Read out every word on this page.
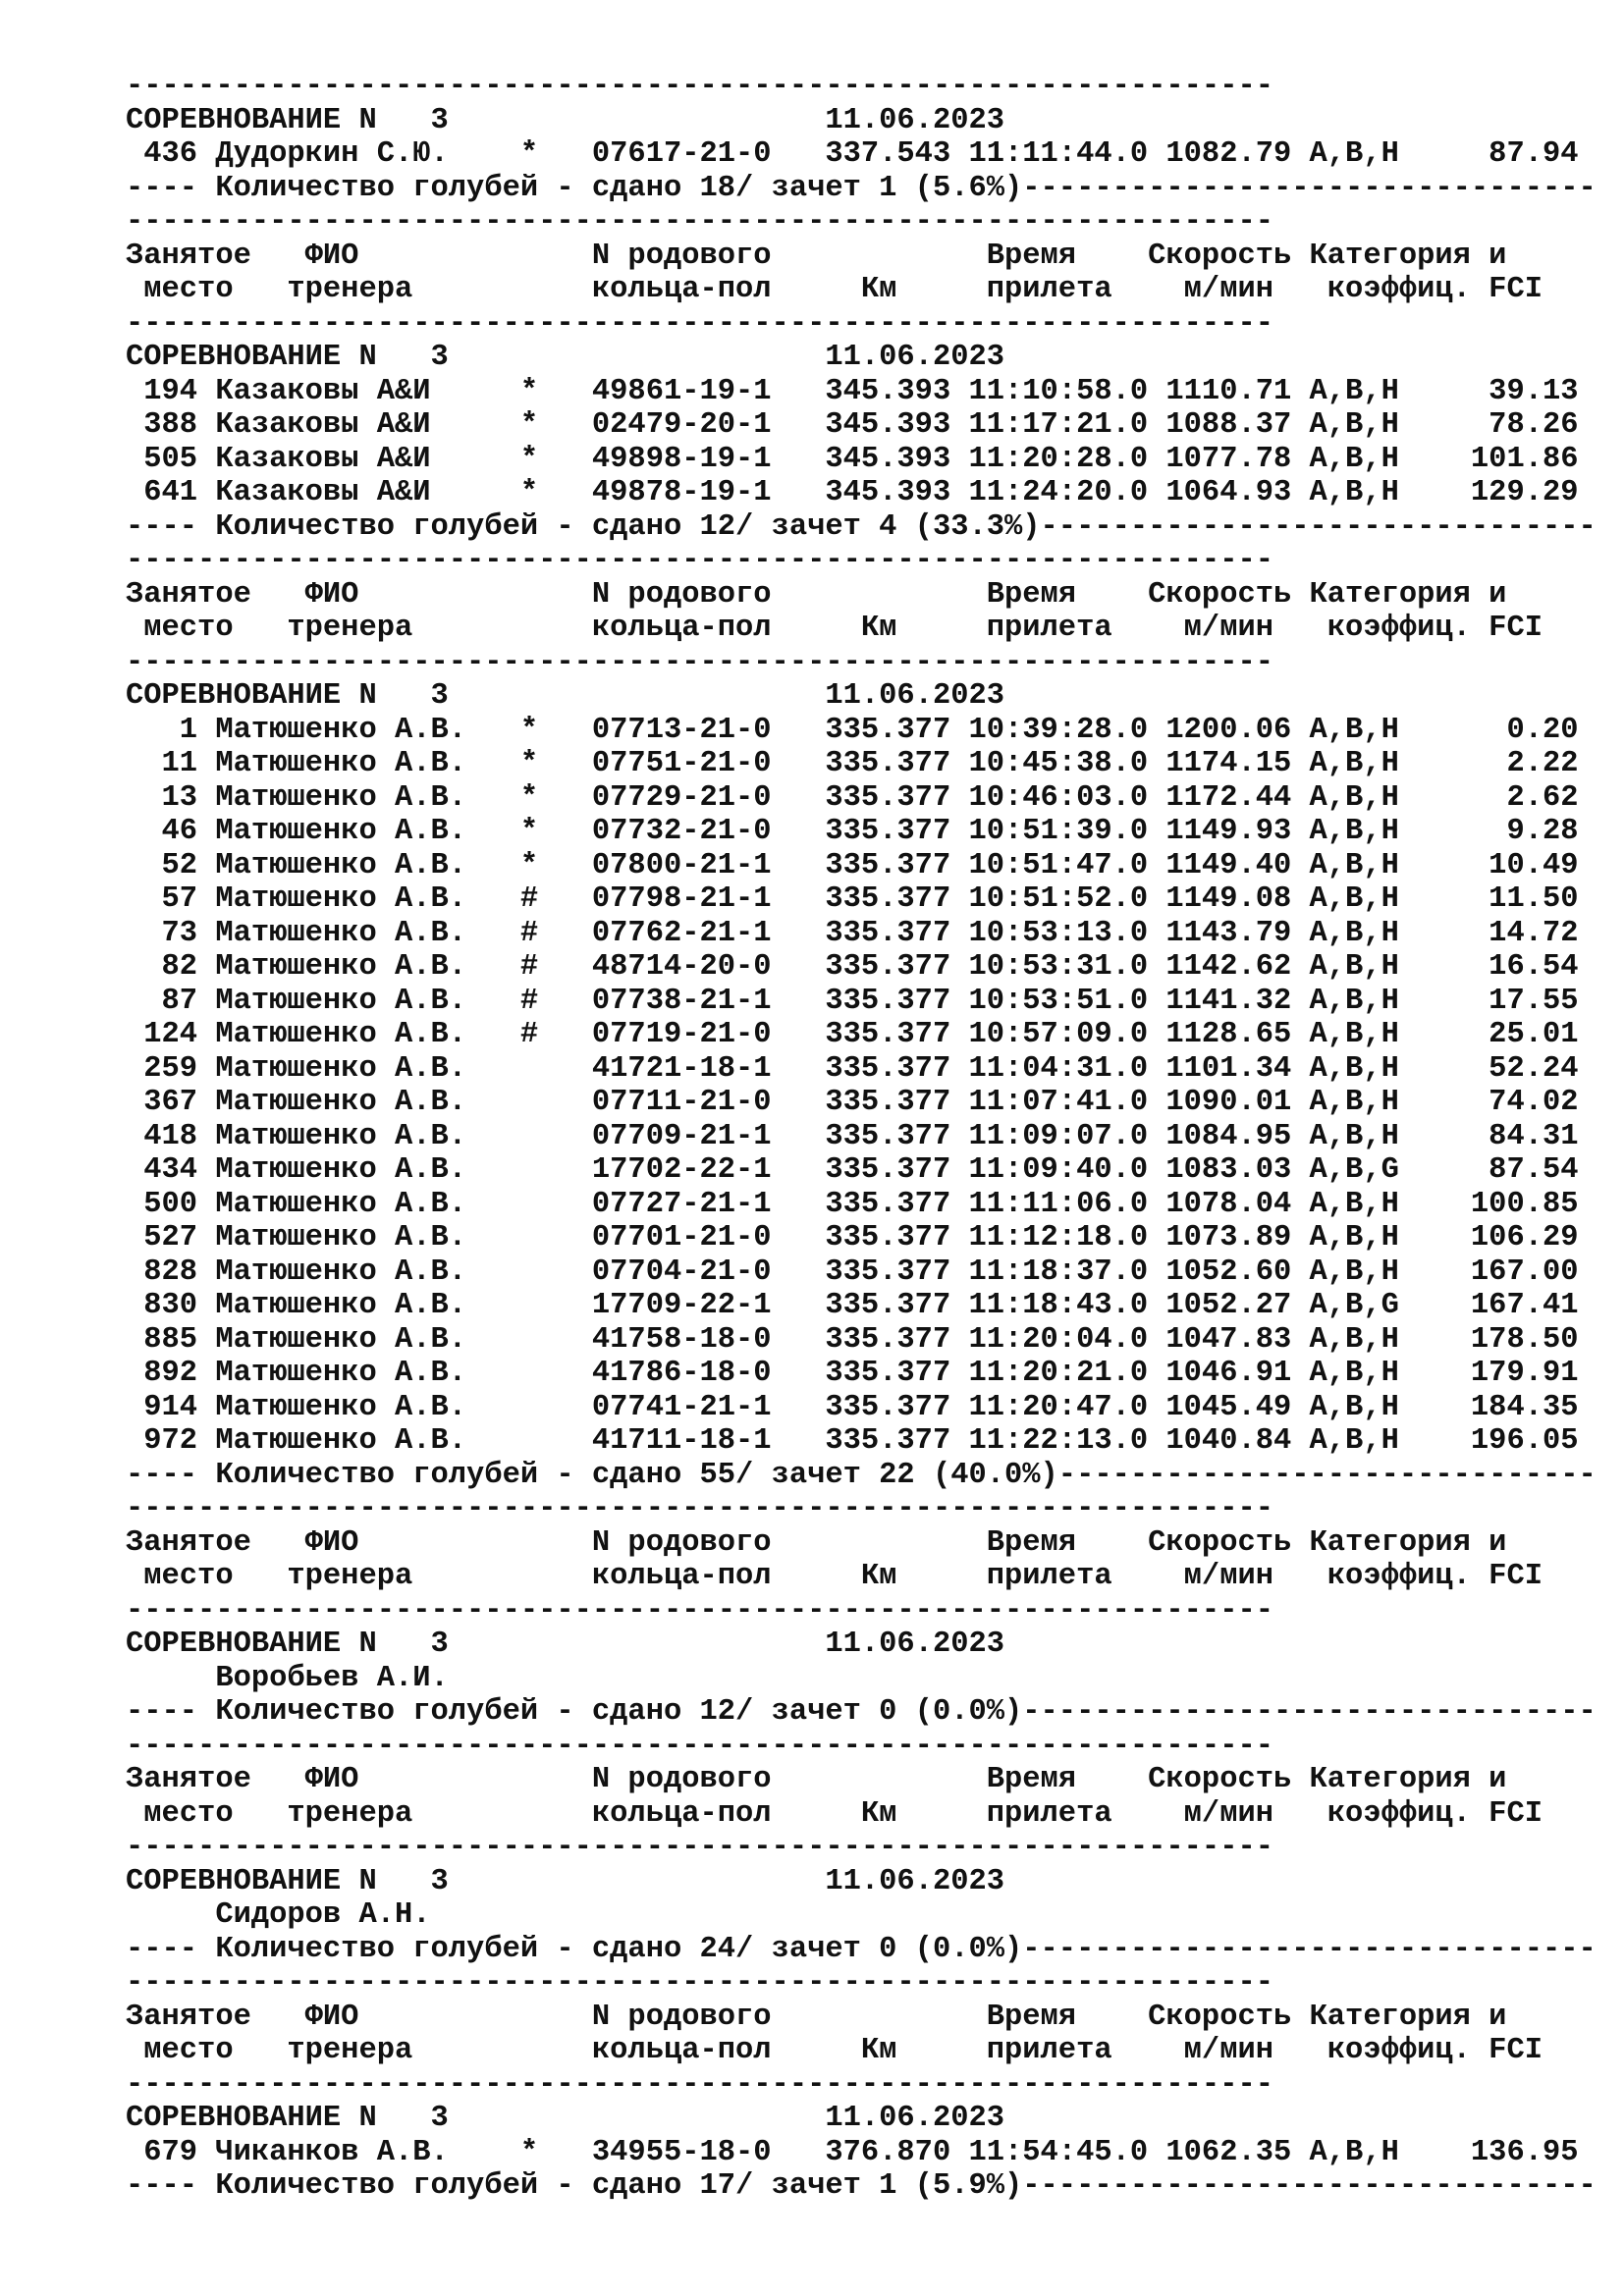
----------------------------------------------------------------
СОРЕВНОВАНИЕ N   3                     11.06.2023
436 Дудоркин С.Ю.    *   07617-21-0   337.543 11:11:44.0 1082.79 A,B,H     87.94
---- Количество голубей - сдано 18/ зачет 1 (5.6%)--------------------------------
----------------------------------------------------------------
Занятое   ФИО             N родового            Время    Скорость Категория и
место   тренера          кольца-пол     Км     прилета    м/мин   коэффиц. FCI
----------------------------------------------------------------
СОРЕВНОВАНИЕ N   3                     11.06.2023
194 Казаковы А&И     *   49861-19-1   345.393 11:10:58.0 1110.71 A,B,H     39.13
388 Казаковы А&И     *   02479-20-1   345.393 11:17:21.0 1088.37 A,B,H     78.26
505 Казаковы А&И     *   49898-19-1   345.393 11:20:28.0 1077.78 A,B,H    101.86
641 Казаковы А&И     *   49878-19-1   345.393 11:24:20.0 1064.93 A,B,H    129.29
---- Количество голубей - сдано 12/ зачет 4 (33.3%)-------------------------------
----------------------------------------------------------------
Занятое   ФИО             N родового            Время    Скорость Категория и
место   тренера          кольца-пол     Км     прилета    м/мин   коэффиц. FCI
----------------------------------------------------------------
СОРЕВНОВАНИЕ N   3                     11.06.2023
1 Матюшенко А.В.   *   07713-21-0   335.377 10:39:28.0 1200.06 A,B,H      0.20
11 Матюшенко А.В.   *   07751-21-0   335.377 10:45:38.0 1174.15 A,B,H      2.22
13 Матюшенко А.В.   *   07729-21-0   335.377 10:46:03.0 1172.44 A,B,H      2.62
46 Матюшенко А.В.   *   07732-21-0   335.377 10:51:39.0 1149.93 A,B,H      9.28
52 Матюшенко А.В.   *   07800-21-1   335.377 10:51:47.0 1149.40 A,B,H     10.49
57 Матюшенко А.В.   #   07798-21-1   335.377 10:51:52.0 1149.08 A,B,H     11.50
73 Матюшенко А.В.   #   07762-21-1   335.377 10:53:13.0 1143.79 A,B,H     14.72
82 Матюшенко А.В.   #   48714-20-0   335.377 10:53:31.0 1142.62 A,B,H     16.54
87 Матюшенко А.В.   #   07738-21-1   335.377 10:53:51.0 1141.32 A,B,H     17.55
124 Матюшенко А.В.   #   07719-21-0   335.377 10:57:09.0 1128.65 A,B,H     25.01
259 Матюшенко А.В.       41721-18-1   335.377 11:04:31.0 1101.34 A,B,H     52.24
367 Матюшенко А.В.       07711-21-0   335.377 11:07:41.0 1090.01 A,B,H     74.02
418 Матюшенко А.В.       07709-21-1   335.377 11:09:07.0 1084.95 A,B,H     84.31
434 Матюшенко А.В.       17702-22-1   335.377 11:09:40.0 1083.03 A,B,G     87.54
500 Матюшенко А.В.       07727-21-1   335.377 11:11:06.0 1078.04 A,B,H    100.85
527 Матюшенко А.В.       07701-21-0   335.377 11:12:18.0 1073.89 A,B,H    106.29
828 Матюшенко А.В.       07704-21-0   335.377 11:18:37.0 1052.60 A,B,H    167.00
830 Матюшенко А.В.       17709-22-1   335.377 11:18:43.0 1052.27 A,B,G    167.41
885 Матюшенко А.В.       41758-18-0   335.377 11:20:04.0 1047.83 A,B,H    178.50
892 Матюшенко А.В.       41786-18-0   335.377 11:20:21.0 1046.91 A,B,H    179.91
914 Матюшенко А.В.       07741-21-1   335.377 11:20:47.0 1045.49 A,B,H    184.35
972 Матюшенко А.В.       41711-18-1   335.377 11:22:13.0 1040.84 A,B,H    196.05
---- Количество голубей - сдано 55/ зачет 22 (40.0%)------------------------------
----------------------------------------------------------------
Занятое   ФИО             N родового            Время    Скорость Категория и
место   тренера          кольца-пол     Км     прилета    м/мин   коэффиц. FCI
----------------------------------------------------------------
СОРЕВНОВАНИЕ N   3                     11.06.2023
Воробьев А.И.
---- Количество голубей - сдано 12/ зачет 0 (0.0%)--------------------------------
----------------------------------------------------------------
Занятое   ФИО             N родового            Время    Скорость Категория и
место   тренера          кольца-пол     Км     прилета    м/мин   коэффиц. FCI
----------------------------------------------------------------
СОРЕВНОВАНИЕ N   3                     11.06.2023
Сидоров А.Н.
---- Количество голубей - сдано 24/ зачет 0 (0.0%)--------------------------------
----------------------------------------------------------------
Занятое   ФИО             N родового            Время    Скорость Категория и
место   тренера          кольца-пол     Км     прилета    м/мин   коэффиц. FCI
----------------------------------------------------------------
СОРЕВНОВАНИЕ N   3                     11.06.2023
679 Чиканков А.В.    *   34955-18-0   376.870 11:54:45.0 1062.35 A,B,H    136.95
---- Количество голубей - сдано 17/ зачет 1 (5.9%)--------------------------------
